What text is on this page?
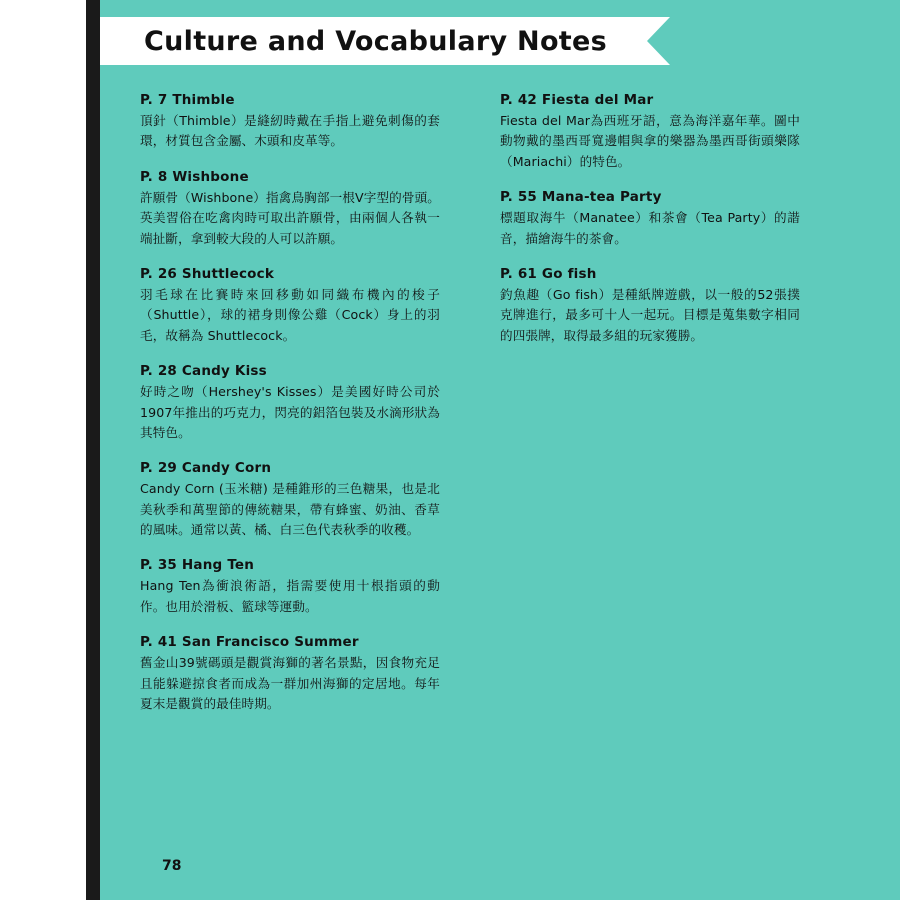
Culture and Vocabulary Notes
P. 7 Thimble
頂針（Thimble）是縫紉時戴在手指上避免刺傷的套環，材質包含金屬、木頭和皮革等。
P. 8 Wishbone
許願骨（Wishbone）指禽鳥胸部一根V字型的骨頭。英美習俗在吃禽肉時可取出許願骨，由兩個人各執一端扯斷，拿到較大段的人可以許願。
P. 26 Shuttlecock
羽毛球在比賽時來回移動如同織布機內的梭子（Shuttle），球的裙身則像公雞（Cock）身上的羽毛，故稱為 Shuttlecock。
P. 28 Candy Kiss
好時之吻（Hershey's Kisses）是美國好時公司於1907年推出的巧克力，閃亮的鋁箔包裝及水滴形狀為其特色。
P. 29 Candy Corn
Candy Corn (玉米糖) 是種錐形的三色糖果，也是北美秋季和萬聖節的傳統糖果，帶有蜂蜜、奶油、香草的風味。通常以黃、橘、白三色代表秋季的收穫。
P. 35 Hang Ten
Hang Ten為衝浪術語，指需要使用十根指頭的動作。也用於滑板、籃球等運動。
P. 41 San Francisco Summer
舊金山39號碼頭是觀賞海獅的著名景點，因食物充足且能躲避掠食者而成為一群加州海獅的定居地。每年夏末是觀賞的最佳時期。
P. 42 Fiesta del Mar
Fiesta del Mar為西班牙語，意為海洋嘉年華。圖中動物戴的墨西哥寬邊帽與拿的樂器為墨西哥街頭樂隊（Mariachi）的特色。
P. 55 Mana-tea Party
標題取海牛（Manatee）和茶會（Tea Party）的諧音，描繪海牛的茶會。
P. 61 Go fish
釣魚趣（Go fish）是種紙牌遊戲，以一般的52張撲克牌進行，最多可十人一起玩。目標是蒐集數字相同的四張牌，取得最多組的玩家獲勝。
78
